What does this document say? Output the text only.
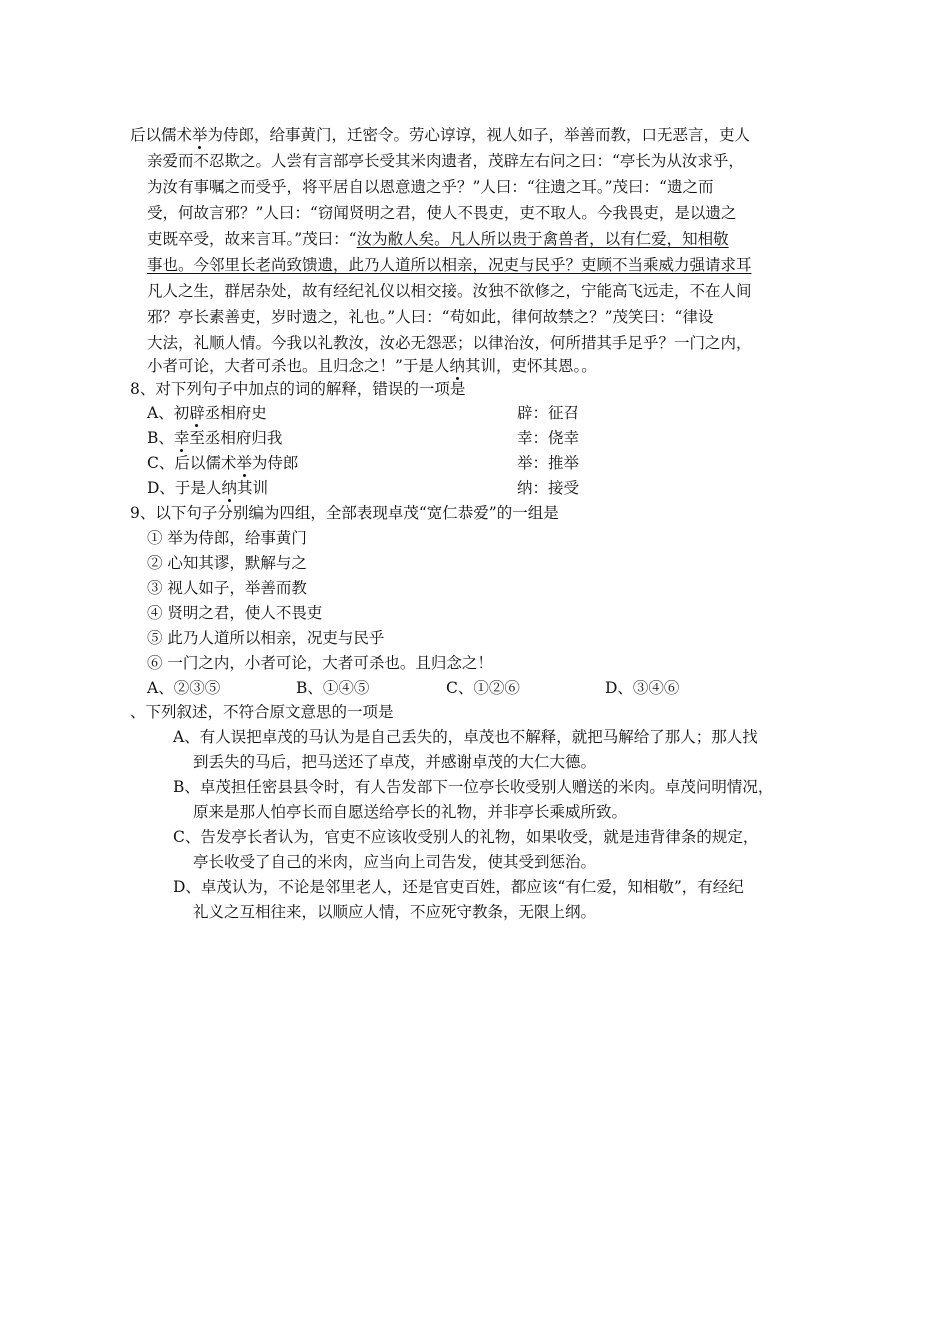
后以儒术举为侍郎，给事黄门，迁密令。劳心谆谆，视人如子，举善而教，口无恶言，吏人
亲爱而不忍欺之。人尝有言部亭长受其米肉遗者，茂辟左右问之曰：“亭长为从汝求乎，
为汝有事嘱之而受乎，将平居自以恩意遗之乎？”人曰：“往遗之耳。”茂曰：“遗之而
受，何故言邪？”人曰：“窃闻贤明之君，使人不畏吏，吏不取人。今我畏吏，是以遗之
吏既卒受，故来言耳。”茂曰：“汝为敝人矣。凡人所以贵于禽兽者，以有仁爱，知相敬
事也。今邻里长老尚致馈遗，此乃人道所以相亲，况吏与民乎？吏顾不当乘威力强请求耳
凡人之生，群居杂处，故有经纪礼仪以相交接。汝独不欲修之，宁能高飞远走，不在人间
邪？亭长素善吏，岁时遗之，礼也。”人曰：“苟如此，律何故禁之？”茂笑曰：“律设
大法，礼顺人情。今我以礼教汝，汝必无怨恶；以律治汝，何所措其手足乎？一门之内，
小者可论，大者可杀也。且归念之！”于是人纳其训，吏怀其恩。。
8、对下列句子中加点的词的解释，错误的一项是
A、初辟丞相府史	辟：征召
B、幸至丞相府归我	幸：侥幸
C、后以儒术举为侍郎	举：推举
D、于是人纳其训	纳：接受
9、以下句子分别编为四组，全部表现卓茂“宽仁恭爱”的一组是
① 举为侍郎，给事黄门
② 心知其谬，默解与之
③ 视人如子，举善而教
④ 贤明之君，使人不畏吏
⑤ 此乃人道所以相亲，况吏与民乎
⑥ 一门之内，小者可论，大者可杀也。且归念之！
A、②③⑤	B、①④⑤	C、①②⑥	D、③④⑥
、下列叙述，不符合原文意思的一项是
A、有人误把卓茂的马认为是自己丢失的，卓茂也不解释，就把马解给了那人；那人找
到丢失的马后，把马送还了卓茂，并感谢卓茂的大仁大德。
B、卓茂担任密县县令时，有人告发部下一位亭长收受别人赠送的米肉。卓茂问明情况，
原来是那人怕亭长而自愿送给亭长的礼物，并非亭长乘威所致。
C、告发亭长者认为，官吏不应该收受别人的礼物，如果收受，就是违背律条的规定，
亭长收受了自己的米肉，应当向上司告发，使其受到惩治。
D、卓茂认为，不论是邻里老人，还是官吏百姓，都应该“有仁爱，知相敬”，有经纪
礼义之互相往来，以顺应人情，不应死守教条，无限上纲。
